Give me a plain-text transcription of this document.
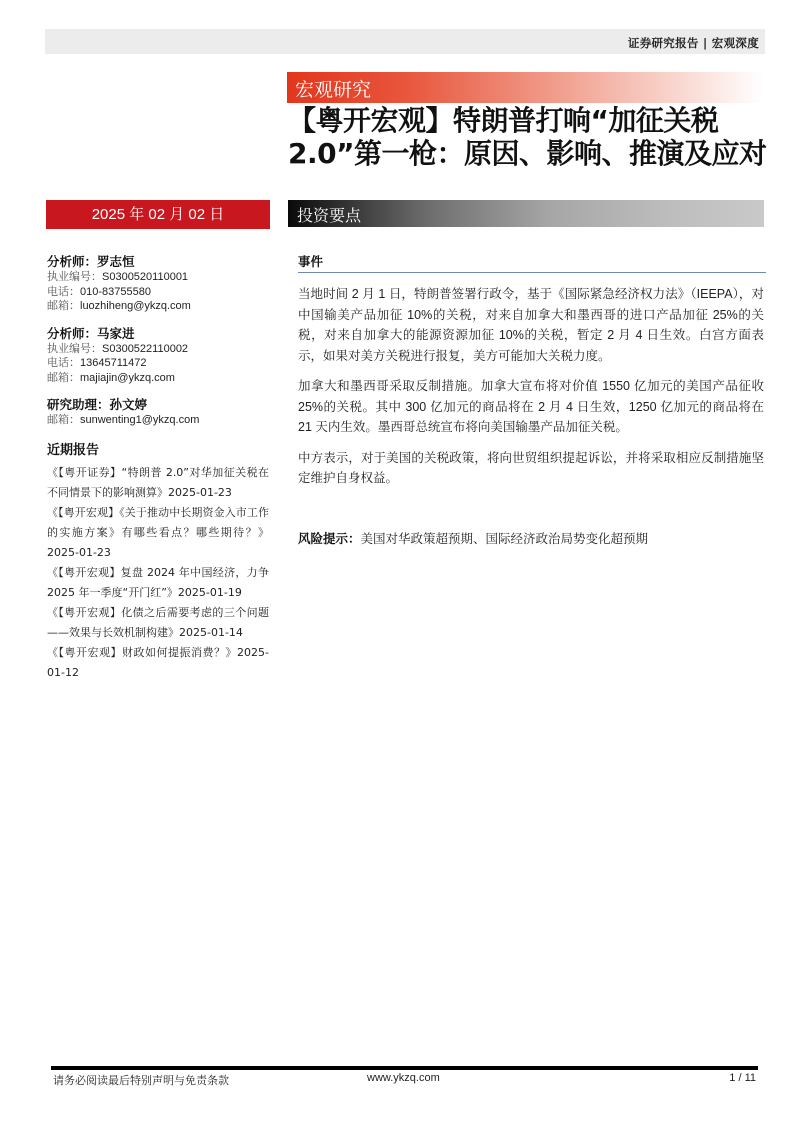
证券研究报告 | 宏观深度
宏观研究
【粤开宏观】特朗普打响“加征关税2.0”第一枪：原因、影响、推演及应对
2025 年 02 月 02 日	投资要点
分析师：罗志恒
执业编号：S0300520110001
电话：010-83755580
邮箱：luozhiheng@ykzq.com
分析师：马家进
执业编号：S0300522110002
电话：13645711472
邮箱：majiajin@ykzq.com
研究助理：孙文婷
邮箱：sunwenting1@ykzq.com
近期报告
《【粤开证券】“特朗普 2.0”对华加征关税在不同情景下的影响测算》2025-01-23
《【粤开宏观】《关于推动中长期资金入市工作的实施方案》有哪些看点？哪些期待？》2025-01-23
《【粤开宏观】复盘 2024 年中国经济，力争 2025 年一季度“开门红”》2025-01-19
《【粤开宏观】化债之后需要考虑的三个问题——效果与长效机制构建》2025-01-14
《【粤开宏观】财政如何提振消费？》2025-01-12
事件
当地时间 2 月 1 日，特朗普签署行政令，基于《国际紧急经济权力法》（IEEPA），对中国输美产品加征 10%的关税，对来自加拿大和墨西哥的进口产品加征 25%的关税，对来自加拿大的能源资源加征 10%的关税，暂定 2 月 4 日生效。白宫方面表示，如果对美方关税进行报复，美方可能加大关税力度。
加拿大和墨西哥采取反制措施。加拿大宣布将对价值 1550 亿加元的美国产品征收 25%的关税。其中 300 亿加元的商品将在 2 月 4 日生效，1250 亿加元的商品将在 21 天内生效。墨西哥总统宣布将向美国输墨产品加征关税。
中方表示，对于美国的关税政策，将向世贸组织提起诉讼，并将采取相应反制措施坚定维护自身权益。
风险提示：美国对华政策超预期、国际经济政治局势变化超预期
请务必阅读最后特别声明与免责条款	www.ykzq.com	1 / 11
